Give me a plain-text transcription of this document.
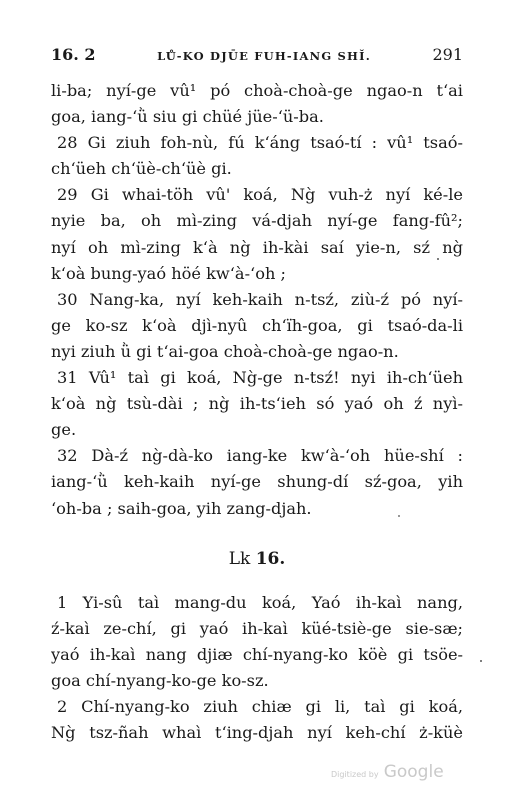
16. 2	LŮ-KO DJŪE FUH-IANG SHǏ.	291
li-ba; nyí-ge vû¹ pó choà-choà-ge ngao-n t‘ai
goa, iang-‘ǜ siu gi chüé jüe-‘ü-ba.
28 Gi ziuh foh-nù, fú k‘áng tsaó-tí : vû¹ tsaó-
ch‘üeh ch‘üè-ch‘üè gi.
29 Gi whai-töh vû' koá, Ng̀ vuh-ż nyí ké-le
nyie ba, oh mì-zing vá-djah nyí-ge fang-fû²;
nyí oh mì-zing k‘à ng̀ ih-kài saí yie-n, sź ng̀
k‘oà bung-yaó höé kw‘à-‘oh ;
30 Nang-ka, nyí keh-kaih n-tsź, ziù-ź pó nyí-
ge ko-sz k‘oà djì-nyû ch‘ïh-goa, gi tsaó-da-li
nyi ziuh ǜ gi t‘ai-goa choà-choà-ge ngao-n.
31 Vû¹ taì gi koá, Ng̀-ge n-tsź! nyi ih-ch‘üeh
k‘oà ng̀ tsù-dài ; ng̀ ih-ts‘ieh só yaó oh ź nyì-
ge.
32 Dà-ź ng̀-dà-ko iang-ke kw‘à-‘oh hüe-shí :
iang-‘ǜ keh-kaih nyí-ge shung-dí sź-goa, yih
‘oh-ba ; saih-goa, yih zang-djah.
Lk 16.
1 Yi-sû taì mang-du koá, Yaó ih-kaì nang,
ź-kaì ze-chí, gi yaó ih-kaì küé-tsiè-ge sie-sæ;
yaó ih-kaì nang djiæ chí-nyang-ko köè gi tsöe-
goa chí-nyang-ko-ge ko-sz.
2 Chí-nyang-ko ziuh chiæ gi li, taì gi koá,
Ng̀ tsz-ñah whaì t‘ing-djah nyí keh-chí ż-küè
Digitized by Google
